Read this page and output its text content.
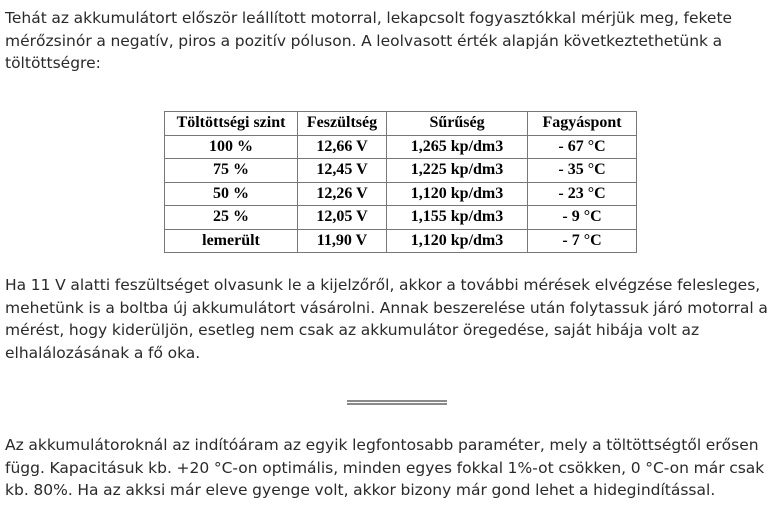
Tehát az akkumulátort először leállított motorral, lekapcsolt fogyasztókkal mérjük meg, fekete mérőzsinór a negatív, piros a pozitív póluson. A leolvasott érték alapján következtethetünk a töltöttségre:

Töltöttségi szint	Feszültség	Sűrűség	Fagyáspont
100 %	12,66 V	1,265 kp/dm3	- 67 °C
75 %	12,45 V	1,225 kp/dm3	- 35 °C
50 %	12,26 V	1,120 kp/dm3	- 23 °C
25 %	12,05 V	1,155 kp/dm3	- 9 °C
lemerült	11,90 V	1,120 kp/dm3	- 7 °C

Ha 11 V alatti feszültséget olvasunk le a kijelzőről, akkor a további mérések elvégzése felesleges, mehetünk is a boltba új akkumulátort vásárolni. Annak beszerelése után folytassuk járó motorral a mérést, hogy kiderüljön, esetleg nem csak az akkumulátor öregedése, saját hibája volt az elhalálozásának a fő oka.

Az akkumulátoroknál az indítóáram az egyik legfontosabb paraméter, mely a töltöttségtől erősen függ. Kapacitásuk kb. +20 °C-on optimális, minden egyes fokkal 1%-ot csökken, 0 °C-on már csak kb. 80%. Ha az akksi már eleve gyenge volt, akkor bizony már gond lehet a hidegindítással.
